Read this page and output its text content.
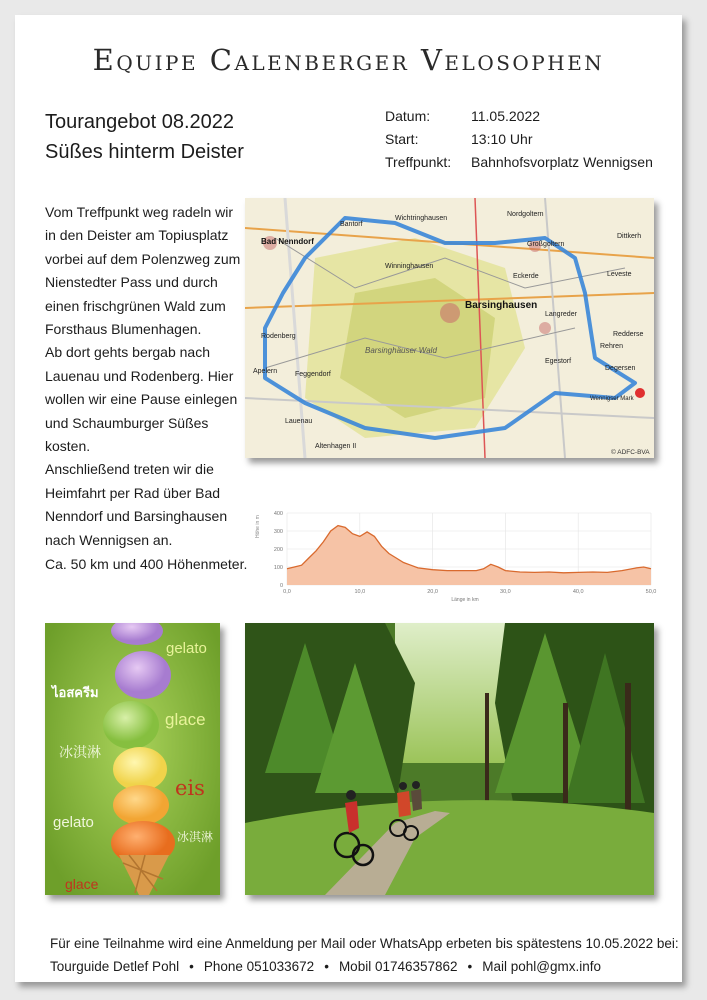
Equipe Calenberger Velosophen
Tourangebot 08.2022
Süßes hinterm Deister
Datum:	11.05.2022
Start:	13:10 Uhr
Treffpunkt:	Bahnhofsvorplatz Wennigsen

Vom Treffpunkt weg radeln wir in den Deister am Topiusplatz vorbei auf dem Polenzweg zum Nienstedter Pass und durch einen frischgrünen Wald zum Forsthaus Blumenhagen.

Ab dort gehts bergab nach Lauenau und Rodenberg. Hier wollen wir eine Pause einlegen und Schaumburger Süßes kosten.

Anschließend treten wir die Heimfahrt per Rad über Bad Nenndorf und Barsinghausen nach Wennigsen an.

Ca. 50 km und 400 Höhenmeter.
Bad Nenndorf
Barsinghausen
Lauenau
Großgoltern
Nordgoltern
Eckerde
Langreder
Egestorf
Degersen
Wennigser Mark
Wichtringhausen
Bantorf
Winninghausen
Rodenberg
Feggendorf
Altenhagen II
Apelern
Barsinghäuser Wald	Rehren
Redderse
Leveste
Dittkerh
© ADFC-BVA
400
300
200
100
0
0,0	10,0	20,0	30,0	40,0	50,0
Höhe in m
Länge in km
gelato
ไอสครีม
glace
冰淇淋
eis
gelato
冰淇淋
glace
Für eine Teilnahme wird eine Anmeldung per Mail oder WhatsApp erbeten bis spätestens 10.05.2022 bei:
Tourguide Detlef Pohl • Phone 051033672 • Mobil 01746357862 • Mail pohl@gmx.info
